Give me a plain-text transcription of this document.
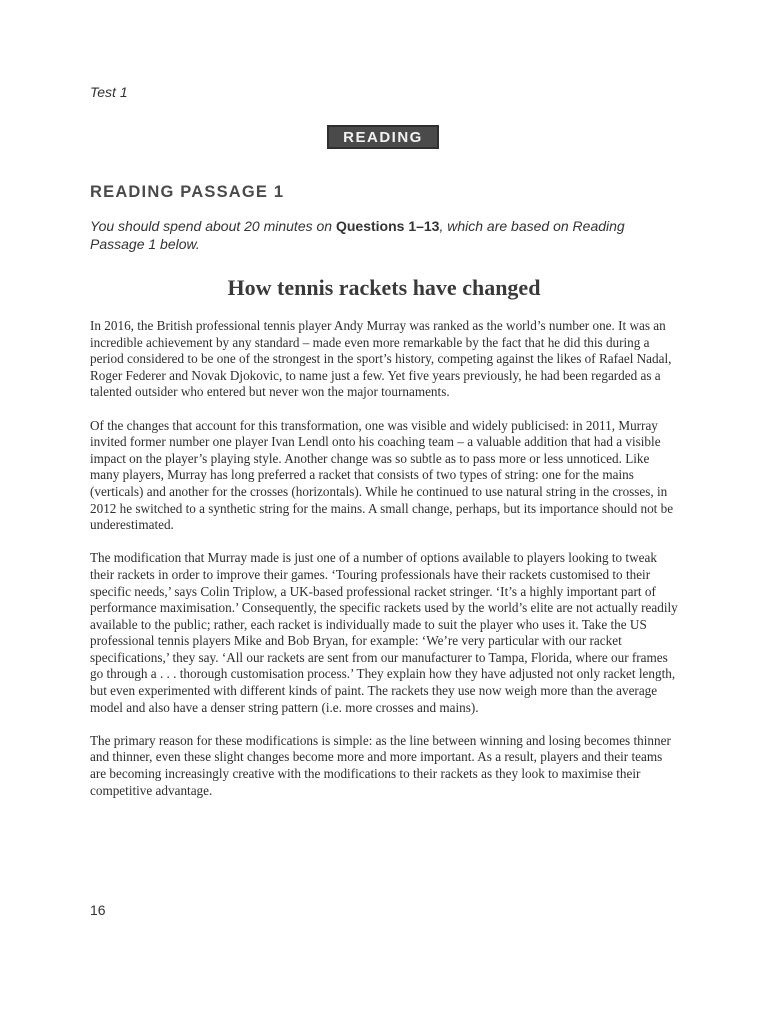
Test 1
READING
READING PASSAGE 1
You should spend about 20 minutes on Questions 1–13, which are based on Reading Passage 1 below.
How tennis rackets have changed

In 2016, the British professional tennis player Andy Murray was ranked as the world’s number one. It was an incredible achievement by any standard – made even more remarkable by the fact that he did this during a period considered to be one of the strongest in the sport’s history, competing against the likes of Rafael Nadal, Roger Federer and Novak Djokovic, to name just a few. Yet five years previously, he had been regarded as a talented outsider who entered but never won the major tournaments.

Of the changes that account for this transformation, one was visible and widely publicised: in 2011, Murray invited former number one player Ivan Lendl onto his coaching team – a valuable addition that had a visible impact on the player’s playing style. Another change was so subtle as to pass more or less unnoticed. Like many players, Murray has long preferred a racket that consists of two types of string: one for the mains (verticals) and another for the crosses (horizontals). While he continued to use natural string in the crosses, in 2012 he switched to a synthetic string for the mains. A small change, perhaps, but its importance should not be underestimated.

The modification that Murray made is just one of a number of options available to players looking to tweak their rackets in order to improve their games. ‘Touring professionals have their rackets customised to their specific needs,’ says Colin Triplow, a UK-based professional racket stringer. ‘It’s a highly important part of performance maximisation.’ Consequently, the specific rackets used by the world’s elite are not actually readily available to the public; rather, each racket is individually made to suit the player who uses it. Take the US professional tennis players Mike and Bob Bryan, for example: ‘We’re very particular with our racket specifications,’ they say. ‘All our rackets are sent from our manufacturer to Tampa, Florida, where our frames go through a . . . thorough customisation process.’ They explain how they have adjusted not only racket length, but even experimented with different kinds of paint. The rackets they use now weigh more than the average model and also have a denser string pattern (i.e. more crosses and mains).

The primary reason for these modifications is simple: as the line between winning and losing becomes thinner and thinner, even these slight changes become more and more important. As a result, players and their teams are becoming increasingly creative with the modifications to their rackets as they look to maximise their competitive advantage.

16
